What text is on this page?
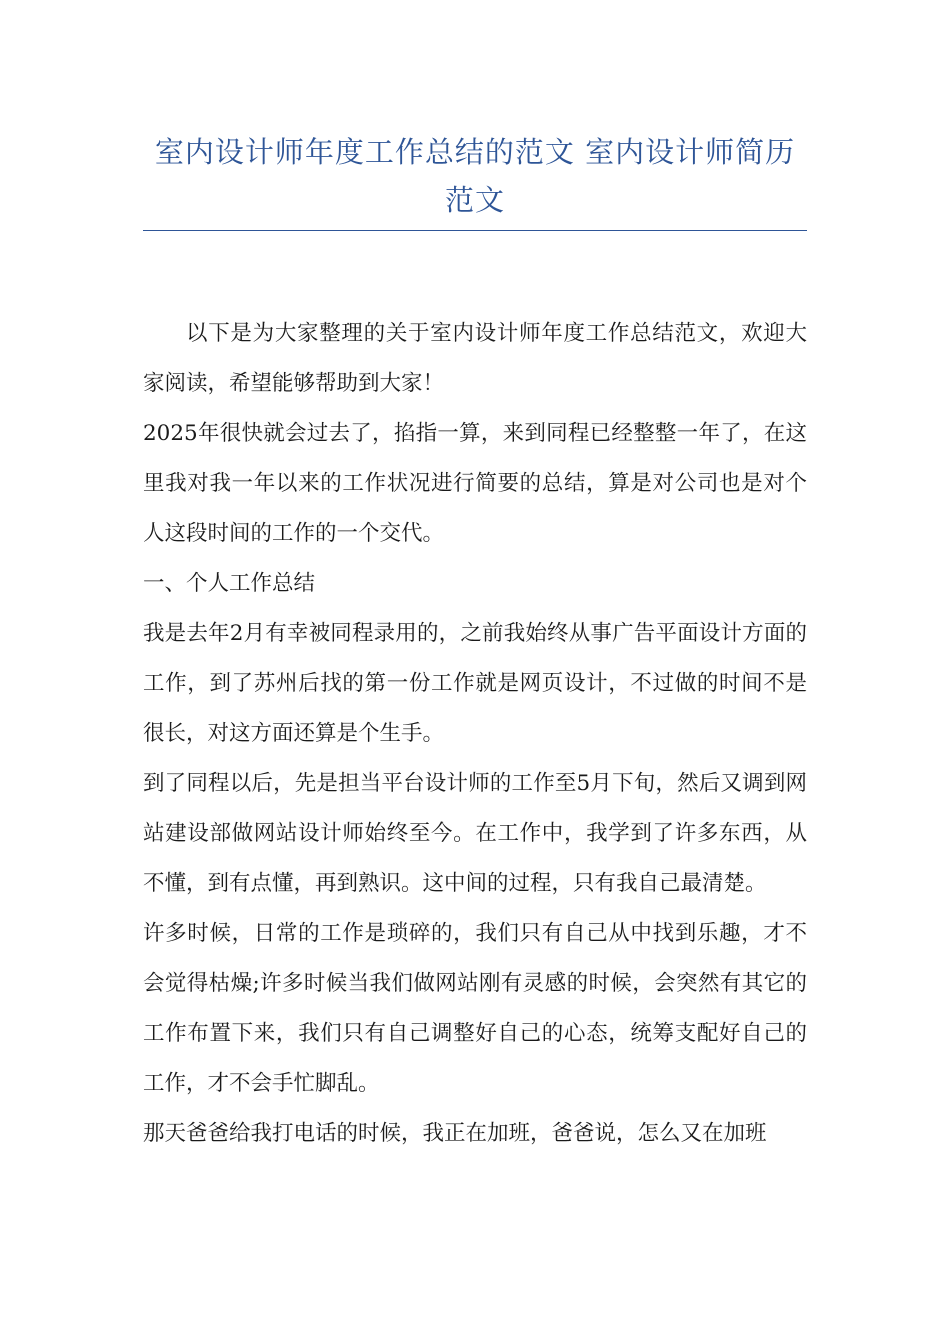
室内设计师年度工作总结的范文 室内设计师简历范文

以下是为大家整理的关于室内设计师年度工作总结范文，欢迎大家阅读，希望能够帮助到大家！

2025年很快就会过去了，掐指一算，来到同程已经整整一年了，在这里我对我一年以来的工作状况进行简要的总结，算是对公司也是对个人这段时间的工作的一个交代。

一、个人工作总结

我是去年2月有幸被同程录用的，之前我始终从事广告平面设计方面的工作，到了苏州后找的第一份工作就是网页设计，不过做的时间不是很长，对这方面还算是个生手。

到了同程以后，先是担当平台设计师的工作至5月下旬，然后又调到网站建设部做网站设计师始终至今。在工作中，我学到了许多东西，从不懂，到有点懂，再到熟识。这中间的过程，只有我自己最清楚。

许多时候，日常的工作是琐碎的，我们只有自己从中找到乐趣，才不会觉得枯燥;许多时候当我们做网站刚有灵感的时候，会突然有其它的工作布置下来，我们只有自己调整好自己的心态，统筹支配好自己的工作，才不会手忙脚乱。

那天爸爸给我打电话的时候，我正在加班，爸爸说，怎么又在加班
